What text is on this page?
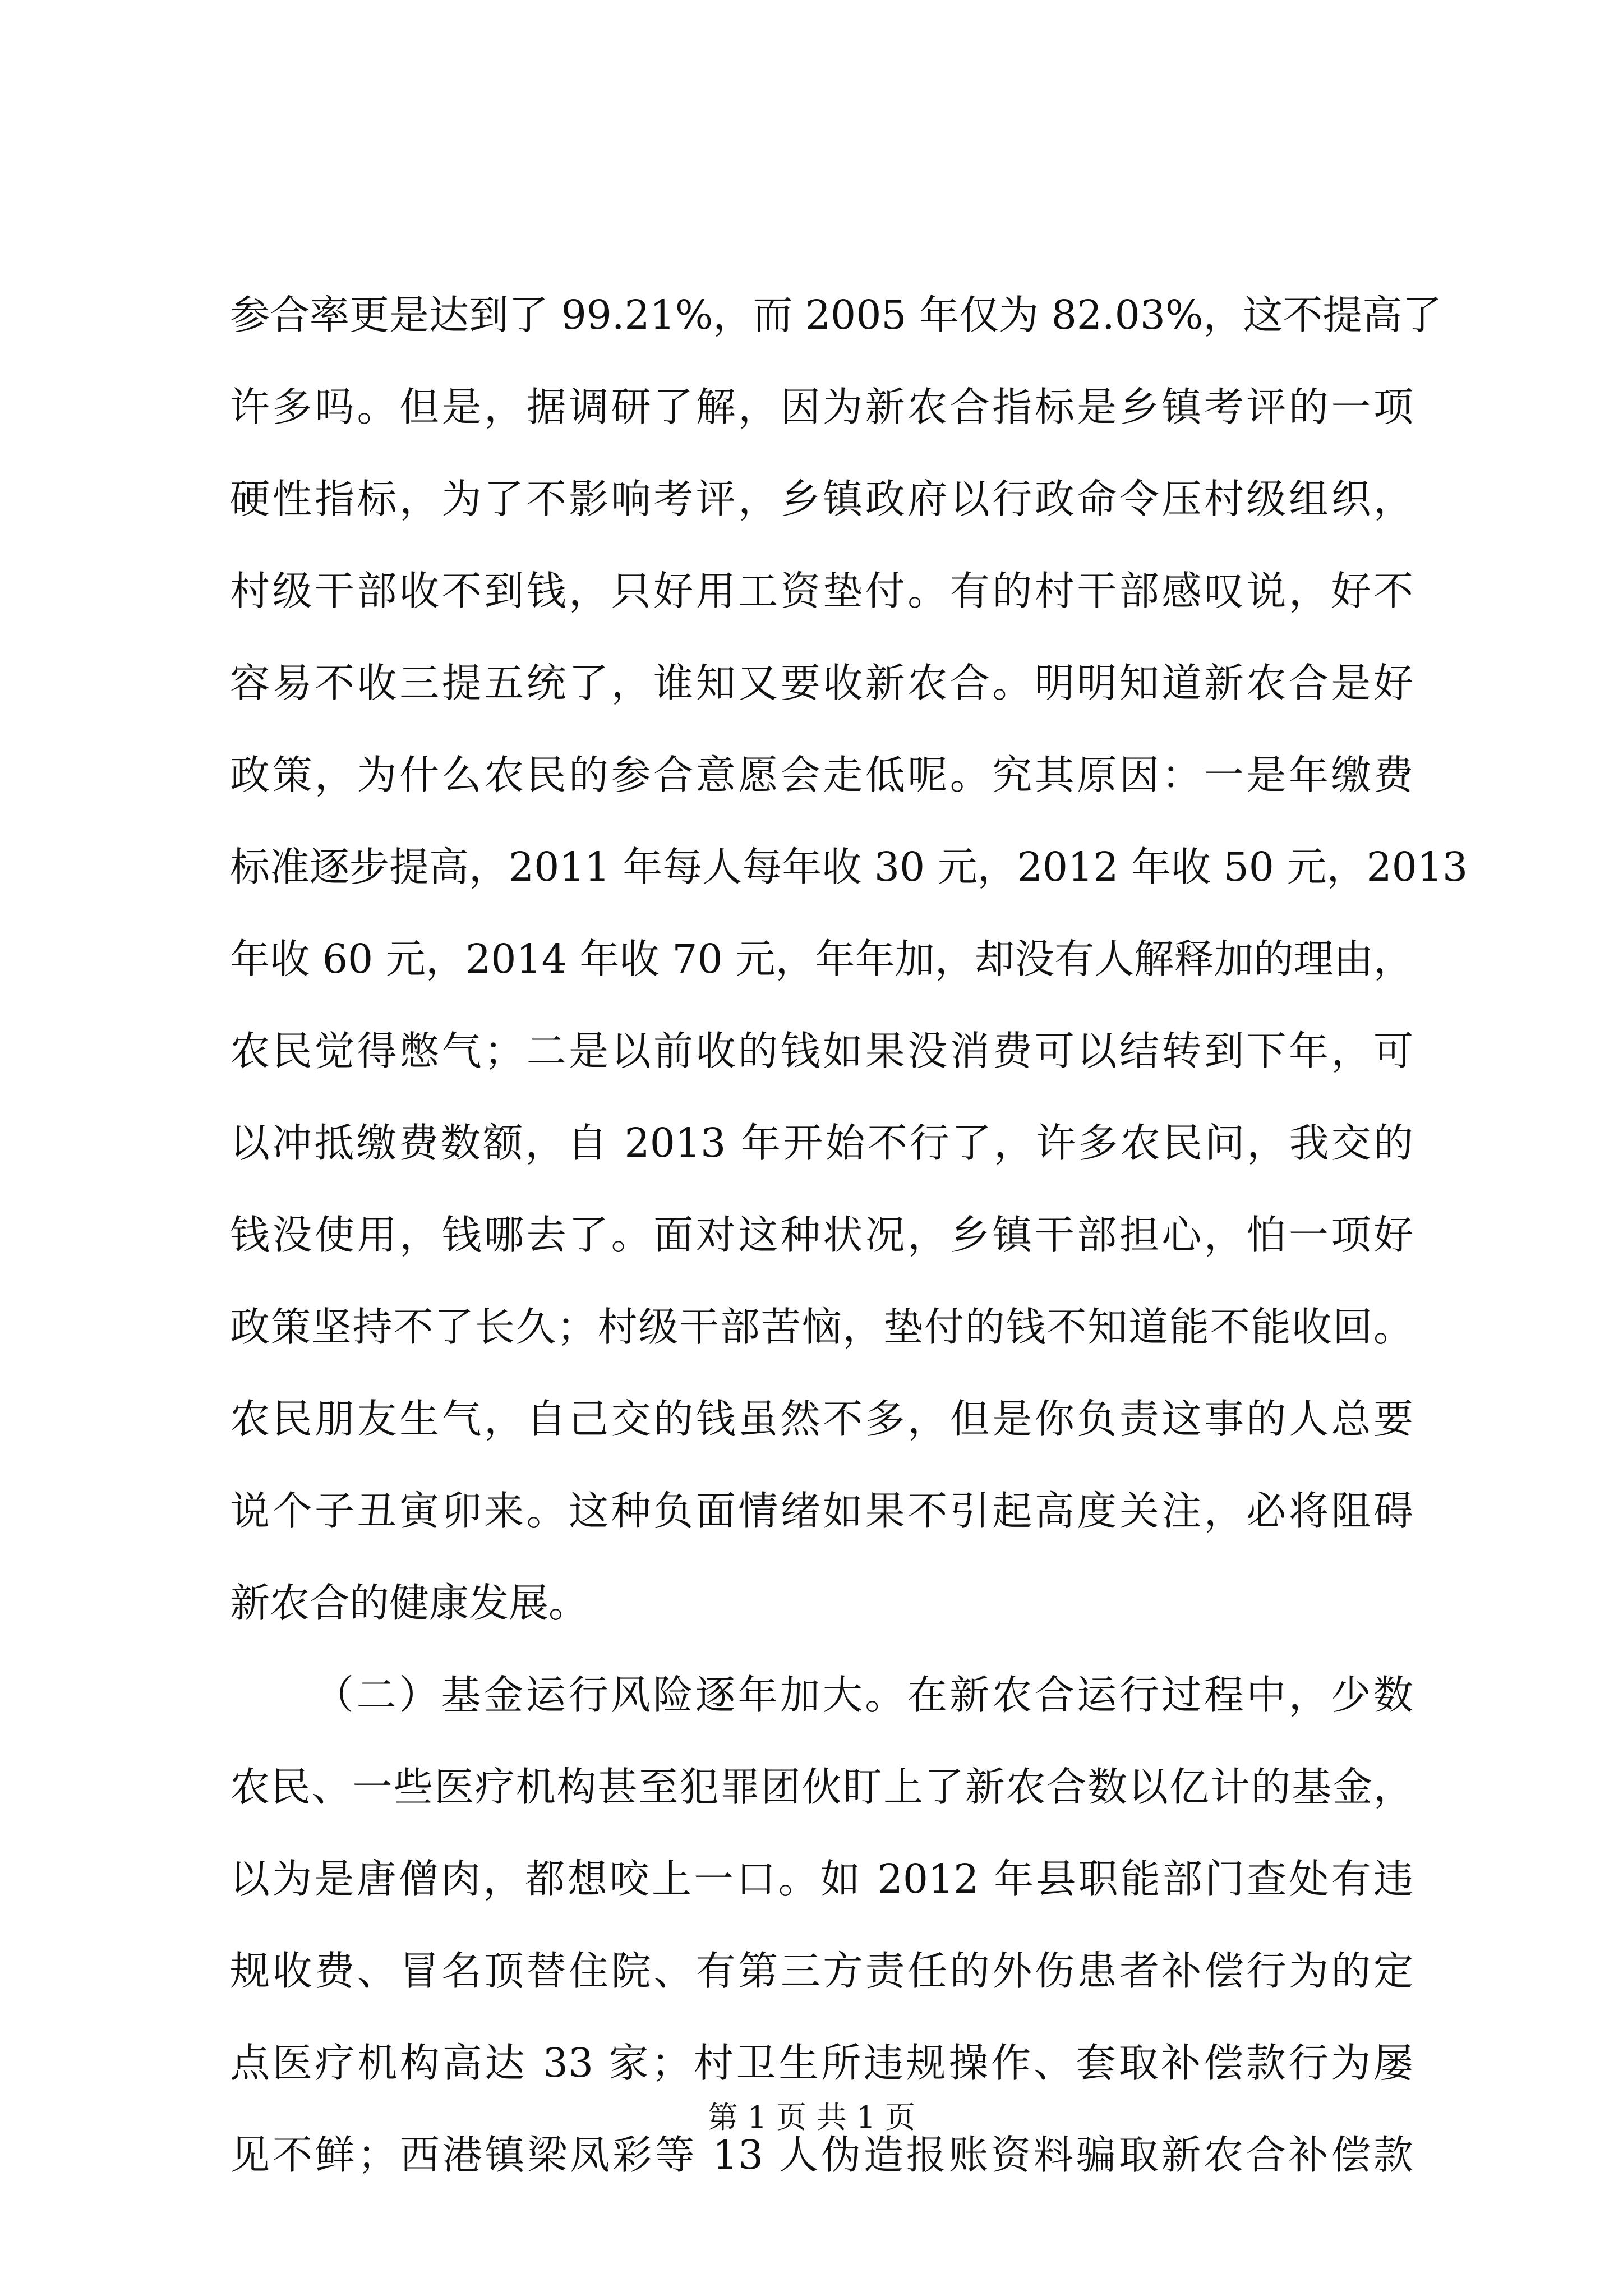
参合率更是达到了 99.21%，而 2005 年仅为 82.03%，这不提高了
许多吗。但是，据调研了解，因为新农合指标是乡镇考评的一项
硬性指标，为了不影响考评，乡镇政府以行政命令压村级组织，
村级干部收不到钱，只好用工资垫付。有的村干部感叹说，好不
容易不收三提五统了，谁知又要收新农合。明明知道新农合是好
政策，为什么农民的参合意愿会走低呢。究其原因：一是年缴费
标准逐步提高，2011 年每人每年收 30 元，2012 年收 50 元，2013
年收 60 元，2014 年收 70 元，年年加，却没有人解释加的理由，
农民觉得憋气；二是以前收的钱如果没消费可以结转到下年，可
以冲抵缴费数额，自 2013 年开始不行了，许多农民问，我交的
钱没使用，钱哪去了。面对这种状况，乡镇干部担心，怕一项好
政策坚持不了长久；村级干部苦恼，垫付的钱不知道能不能收回。
农民朋友生气，自己交的钱虽然不多，但是你负责这事的人总要
说个子丑寅卯来。这种负面情绪如果不引起高度关注，必将阻碍
新农合的健康发展。
（二）基金运行风险逐年加大。在新农合运行过程中，少数
农民、一些医疗机构甚至犯罪团伙盯上了新农合数以亿计的基金，
以为是唐僧肉，都想咬上一口。如 2012 年县职能部门查处有违
规收费、冒名顶替住院、有第三方责任的外伤患者补偿行为的定
点医疗机构高达 33 家；村卫生所违规操作、套取补偿款行为屡
见不鲜；西港镇梁凤彩等 13 人伪造报账资料骗取新农合补偿款
第 1 页 共 1 页
